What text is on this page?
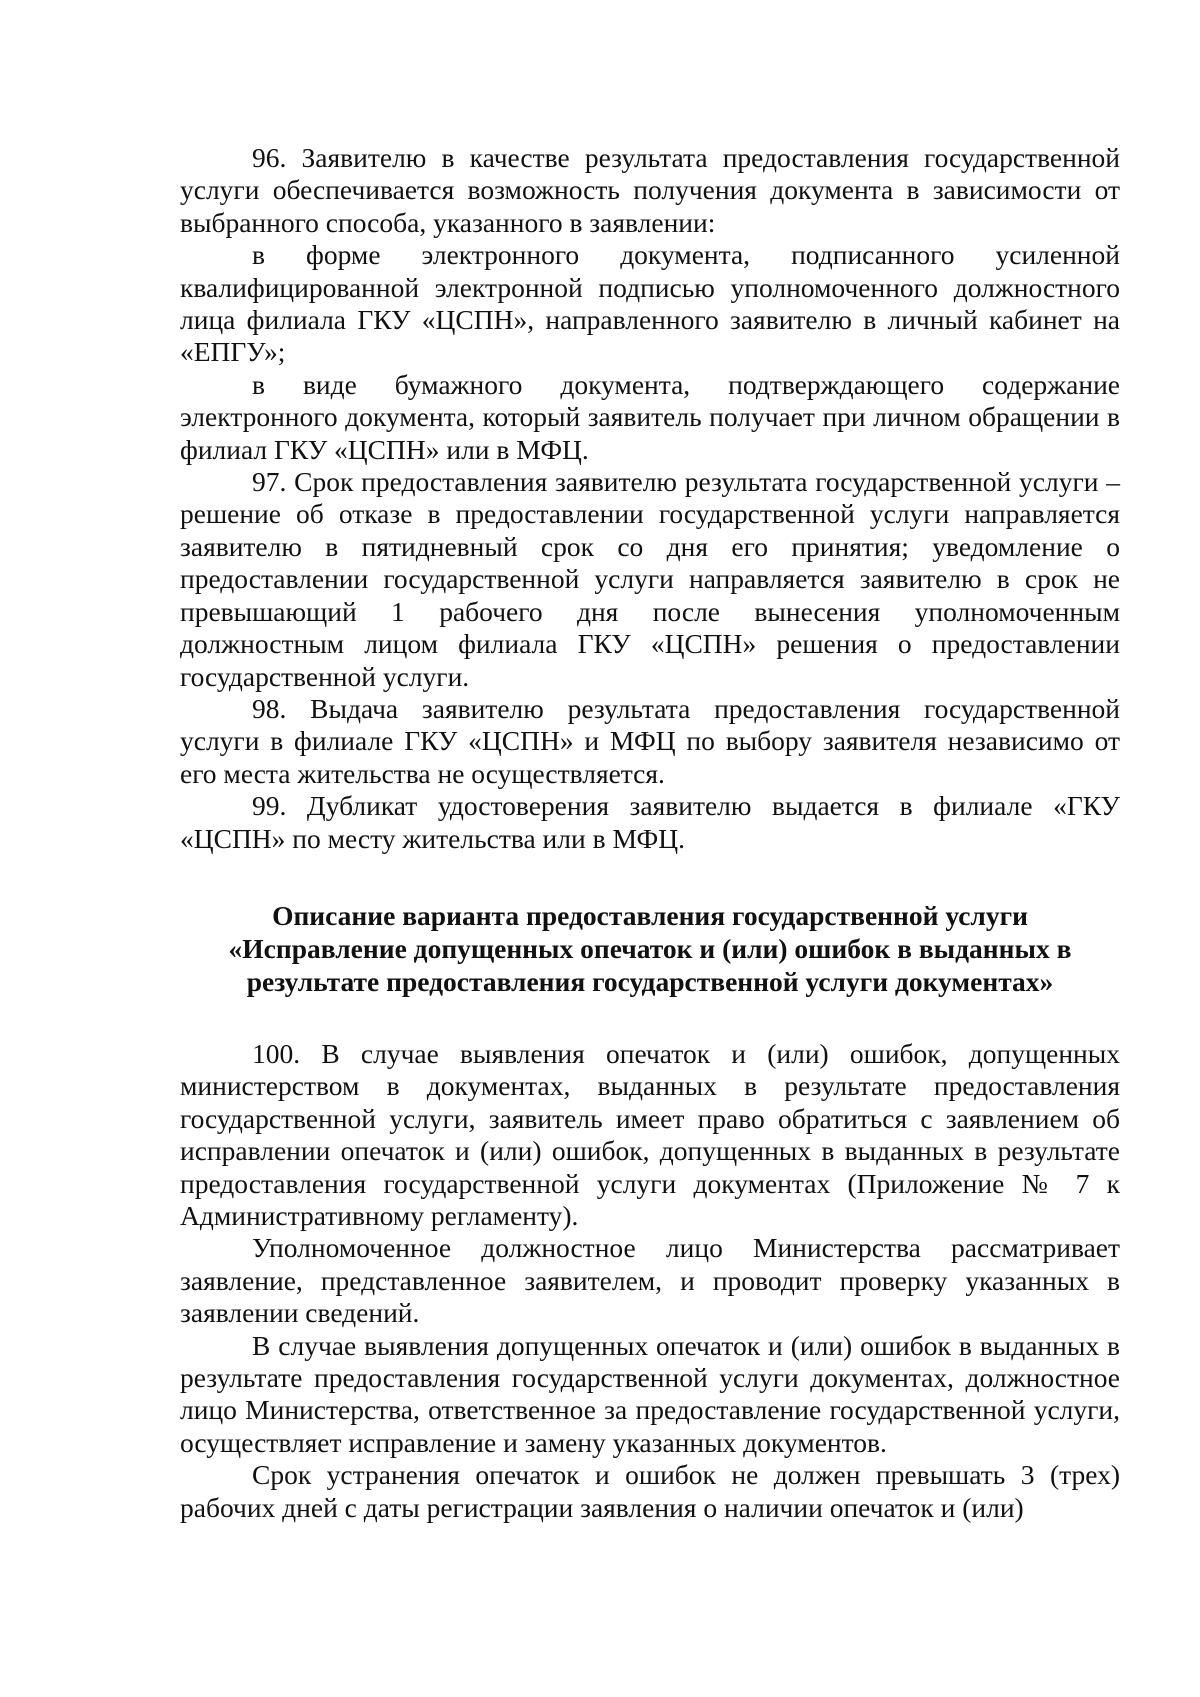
96. Заявителю в качестве результата предоставления государственной услуги обеспечивается возможность получения документа в зависимости от выбранного способа, указанного в заявлении:

в форме электронного документа, подписанного усиленной квалифицированной электронной подписью уполномоченного должностного лица филиала ГКУ «ЦСПН», направленного заявителю в личный кабинет на «ЕПГУ»;

в виде бумажного документа, подтверждающего содержание электронного документа, который заявитель получает при личном обращении в филиал ГКУ «ЦСПН» или в МФЦ.

97. Срок предоставления заявителю результата государственной услуги – решение об отказе в предоставлении государственной услуги направляется заявителю в пятидневный срок со дня его принятия; уведомление о предоставлении государственной услуги направляется заявителю в срок не превышающий 1 рабочего дня после вынесения уполномоченным должностным лицом филиала ГКУ «ЦСПН» решения о предоставлении государственной услуги.

98. Выдача заявителю результата предоставления государственной услуги в филиале ГКУ «ЦСПН» и МФЦ по выбору заявителя независимо от его места жительства не осуществляется.

99. Дубликат удостоверения заявителю выдается в филиале «ГКУ «ЦСПН» по месту жительства или в МФЦ.

Описание варианта предоставления государственной услуги
«Исправление допущенных опечаток и (или) ошибок в выданных в
результате предоставления государственной услуги документах»

100. В случае выявления опечаток и (или) ошибок, допущенных министерством в документах, выданных в результате предоставления государственной услуги, заявитель имеет право обратиться с заявлением об исправлении опечаток и (или) ошибок, допущенных в выданных в результате предоставления государственной услуги документах (Приложение № 7 к Административному регламенту).

Уполномоченное должностное лицо Министерства рассматривает заявление, представленное заявителем, и проводит проверку указанных в заявлении сведений.

В случае выявления допущенных опечаток и (или) ошибок в выданных в результате предоставления государственной услуги документах, должностное лицо Министерства, ответственное за предоставление государственной услуги, осуществляет исправление и замену указанных документов.

Срок устранения опечаток и ошибок не должен превышать 3 (трех) рабочих дней с даты регистрации заявления о наличии опечаток и (или)
